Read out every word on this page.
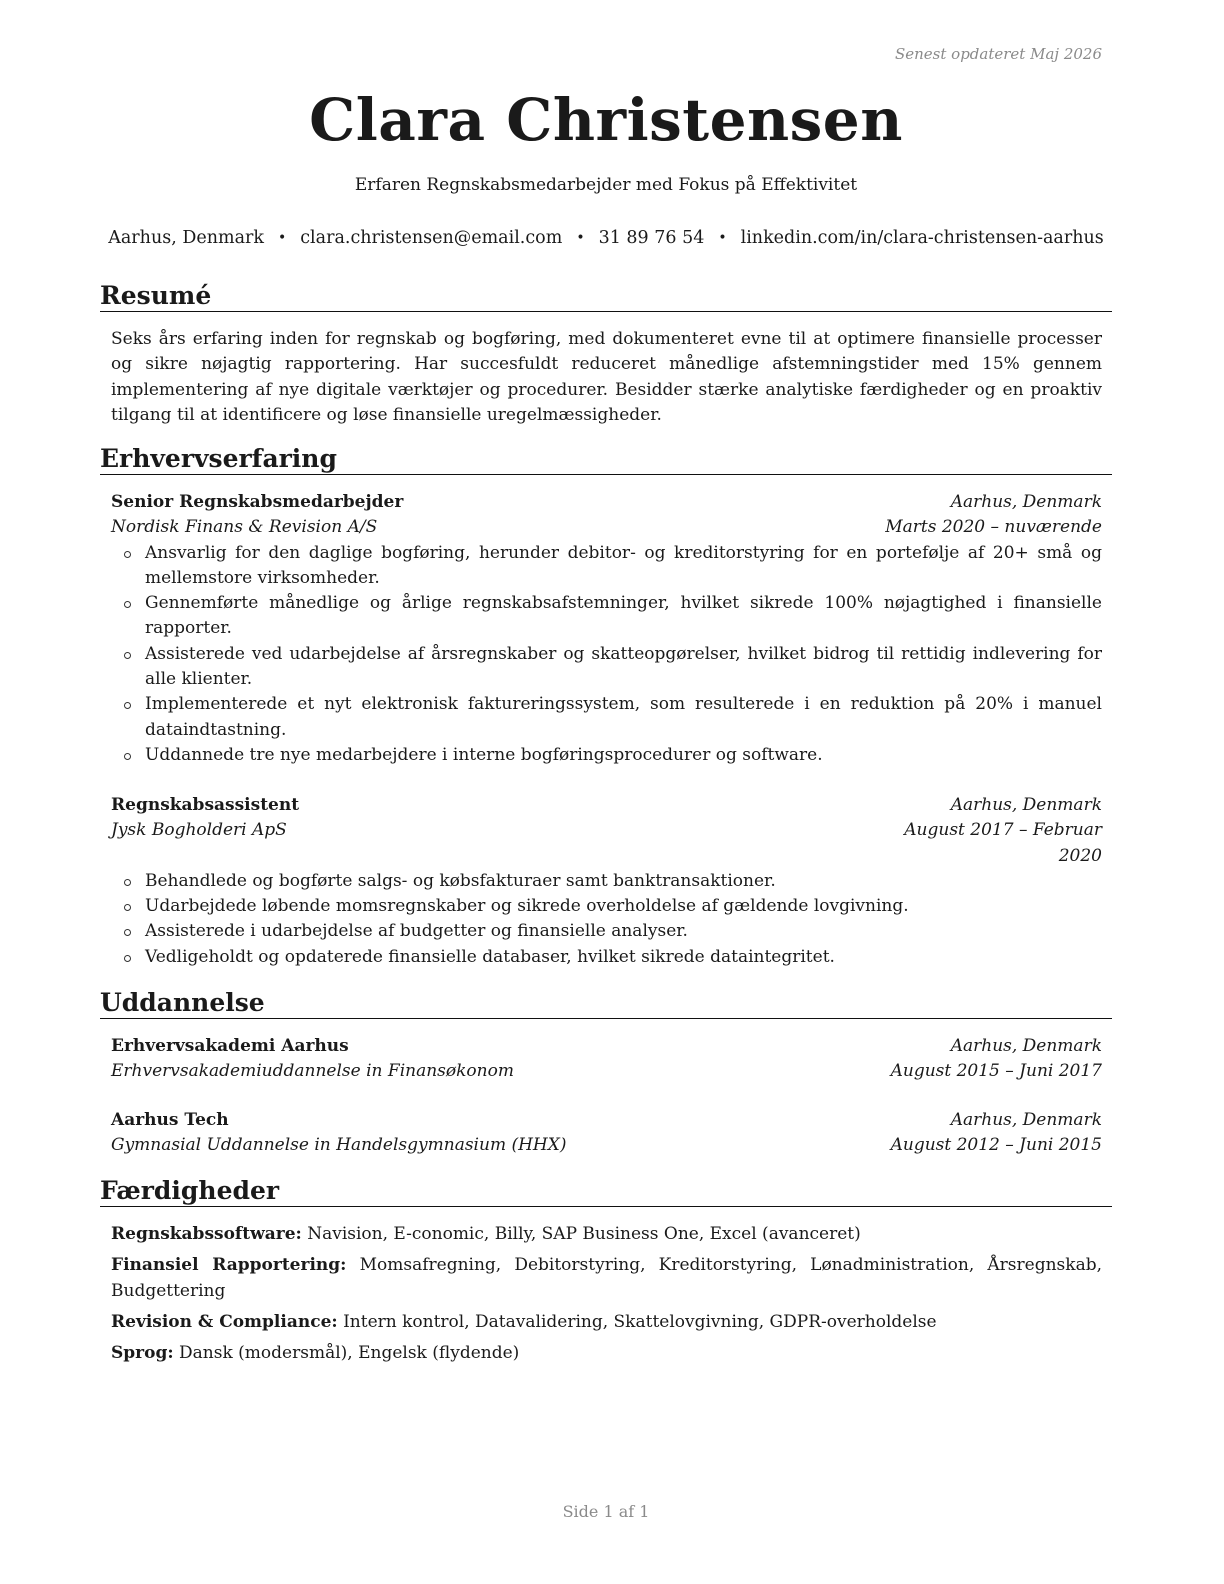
Senest opdateret Maj 2026
Clara Christensen
Erfaren Regnskabsmedarbejder med Fokus på Effektivitet
Aarhus, Denmark • clara.christensen@email.com • 31 89 76 54 • linkedin.com/in/clara-christensen-aarhus
Resumé
Seks års erfaring inden for regnskab og bogføring, med dokumenteret evne til at optimere finansielle processer og sikre nøjagtig rapportering. Har succesfuldt reduceret månedlige afstemningstider med 15% gennem implementering af nye digitale værktøjer og procedurer. Besidder stærke analytiske færdigheder og en proaktiv tilgang til at identificere og løse finansielle uregelmæssigheder.
Erhvervserfaring
Senior Regnskabsmedarbejder	Aarhus, Denmark
Nordisk Finans & Revision A/S	Marts 2020 – nuværende
Ansvarlig for den daglige bogføring, herunder debitor- og kreditorstyring for en portefølje af 20+ små og mellemstore virksomheder.
Gennemførte månedlige og årlige regnskabsafstemninger, hvilket sikrede 100% nøjagtighed i finansielle rapporter.
Assisterede ved udarbejdelse af årsregnskaber og skatteopgørelser, hvilket bidrog til rettidig indlevering for alle klienter.
Implementerede et nyt elektronisk faktureringssystem, som resulterede i en reduktion på 20% i manuel dataindtastning.
Uddannede tre nye medarbejdere i interne bogføringsprocedurer og software.
Regnskabsassistent	Aarhus, Denmark
Jysk Bogholderi ApS	August 2017 – Februar 2020
Behandlede og bogførte salgs- og købsfakturaer samt banktransaktioner.
Udarbejdede løbende momsregnskaber og sikrede overholdelse af gældende lovgivning.
Assisterede i udarbejdelse af budgetter og finansielle analyser.
Vedligeholdt og opdaterede finansielle databaser, hvilket sikrede dataintegritet.
Uddannelse
Erhvervsakademi Aarhus	Aarhus, Denmark
Erhvervsakademiuddannelse in Finansøkonom	August 2015 – Juni 2017
Aarhus Tech	Aarhus, Denmark
Gymnasial Uddannelse in Handelsgymnasium (HHX)	August 2012 – Juni 2015
Færdigheder
Regnskabssoftware: Navision, E-conomic, Billy, SAP Business One, Excel (avanceret)
Finansiel Rapportering: Momsafregning, Debitorstyring, Kreditorstyring, Lønadministration, Årsregnskab, Budgettering
Revision & Compliance: Intern kontrol, Datavalidering, Skattelovgivning, GDPR-overholdelse
Sprog: Dansk (modersmål), Engelsk (flydende)
Side 1 af 1
